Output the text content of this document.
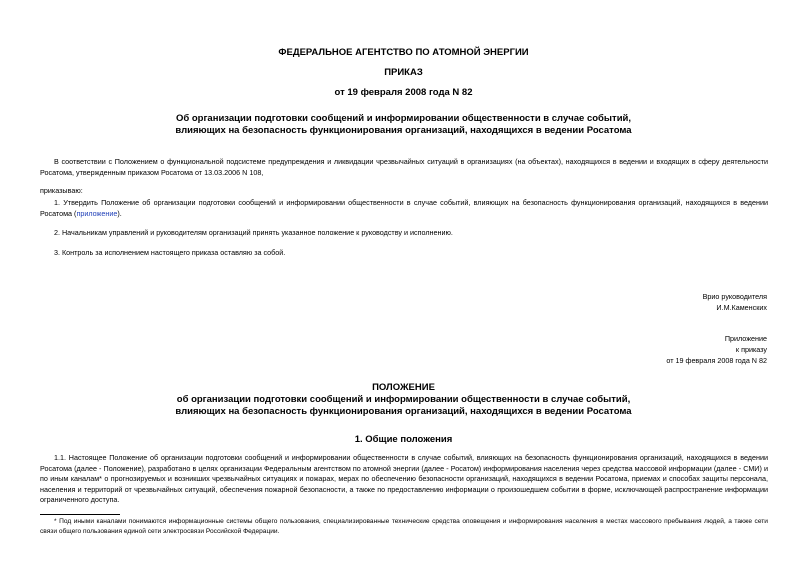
ФЕДЕРАЛЬНОЕ АГЕНТСТВО ПО АТОМНОЙ ЭНЕРГИИ
ПРИКАЗ
от 19 февраля 2008 года N 82
Об организации подготовки сообщений и информировании общественности в случае событий,
влияющих на безопасность функционирования организаций, находящихся в ведении Росатома
В соответствии с Положением о функциональной подсистеме предупреждения и ликвидации чрезвычайных ситуаций в организациях (на объектах), находящихся в ведении и входящих в сферу деятельности Росатома, утвержденным приказом Росатома от 13.03.2006 N 108,
приказываю:
1. Утвердить Положение об организации подготовки сообщений и информировании общественности в случае событий, влияющих на безопасность функционирования организаций, находящихся в ведении Росатома (приложение).
2. Начальникам управлений и руководителям организаций принять указанное положение к руководству и исполнению.
3. Контроль за исполнением настоящего приказа оставляю за собой.
Врио руководителя
И.М.Каменских
Приложение
к приказу
от 19 февраля 2008 года N 82
ПОЛОЖЕНИЕ
об организации подготовки сообщений и информировании общественности в случае событий,
влияющих на безопасность функционирования организаций, находящихся в ведении Росатома
1. Общие положения
1.1. Настоящее Положение об организации подготовки сообщений и информировании общественности в случае событий, влияющих на безопасность функционирования организаций, находящихся в ведении Росатома (далее - Положение), разработано в целях организации Федеральным агентством по атомной энергии (далее - Росатом) информирования населения через средства массовой информации (далее - СМИ) и по иным каналам* о прогнозируемых и возникших чрезвычайных ситуациях и пожарах, мерах по обеспечению безопасности организаций, находящихся в ведении Росатома, приемах и способах защиты персонала, населения и территорий от чрезвычайных ситуаций, обеспечения пожарной безопасности, а также по предоставлению информации о произошедшем событии в форме, исключающей распространение информации ограниченного доступа.
* Под иными каналами понимаются информационные системы общего пользования, специализированные технические средства оповещения и информирования населения в местах массового пребывания людей, а также сети связи общего пользования единой сети электросвязи Российской Федерации.
